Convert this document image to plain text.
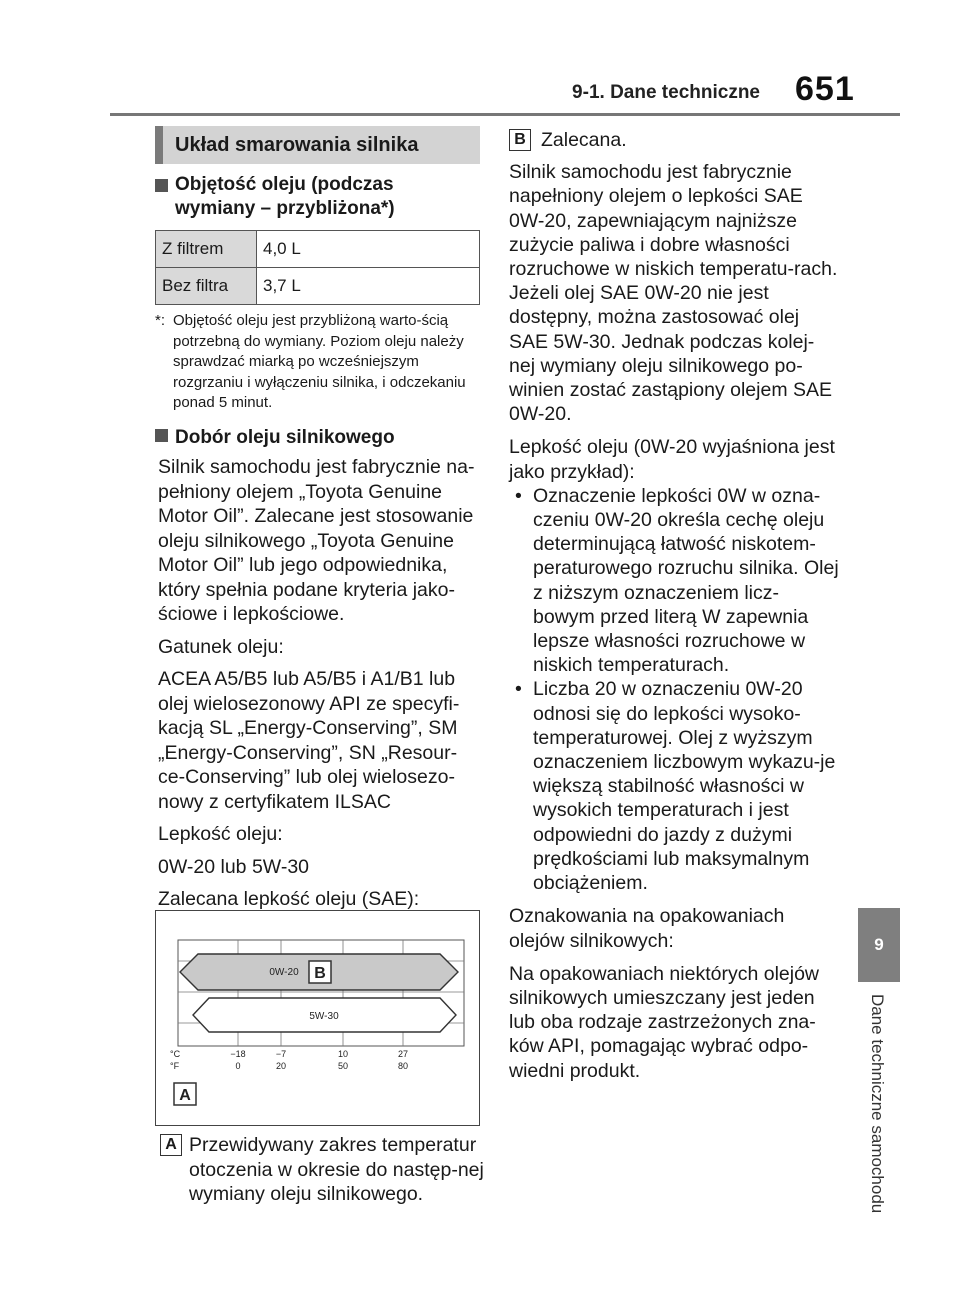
9-1. Dane techniczne 651
9
Dane techniczne samochodu
Układ smarowania silnika
Objętość oleju (podczas wymiany – przybliżona*)
Z filtrem	4,0 L
Bez filtra	3,7 L
*: Objętość oleju jest przybliżoną warto-ścią potrzebną do wymiany. Poziom oleju należy sprawdzać miarką po wcześniejszym rozgrzaniu i wyłączeniu silnika, i odczekaniu ponad 5 minut.
Dobór oleju silnikowego

Silnik samochodu jest fabrycznie na-pełniony olejem „Toyota Genuine Motor Oil”. Zalecane jest stosowanie oleju silnikowego „Toyota Genuine Motor Oil” lub jego odpowiednika, który spełnia podane kryteria jako-ściowe i lepkościowe.

Gatunek oleju:

ACEA A5/B5 lub A5/B5 i A1/B1 lub olej wielosezonowy API ze specyfi-kacją SL „Energy-Conserving”, SM „Energy-Conserving”, SN „Resour-ce-Conserving” lub olej wielosezo-nowy z certyfikatem ILSAC

Lepkość oleju:

0W-20 lub 5W-30

Zalecana lepkość oleju (SAE):

0W-20 B
5W-30
°C
°F
−18	−7	10	27
0	20	50	80
A
A Przewidywany zakres temperatur otoczenia w okresie do następ-nej wymiany oleju silnikowego.
B Zalecana.

Silnik samochodu jest fabrycznie napełniony olejem o lepkości SAE 0W-20, zapewniającym najniższe zużycie paliwa i dobre własności rozruchowe w niskich temperatu-rach. Jeżeli olej SAE 0W-20 nie jest dostępny, można zastosować olej SAE 5W-30. Jednak podczas kolej-nej wymiany oleju silnikowego po-winien zostać zastąpiony olejem SAE 0W-20.

Lepkość oleju (0W-20 wyjaśniona jest jako przykład):

• Oznaczenie lepkości 0W w ozna-czeniu 0W-20 określa cechę oleju determinującą łatwość niskotem-peraturowego rozruchu silnika. Olej z niższym oznaczeniem licz-bowym przed literą W zapewnia lepsze własności rozruchowe w niskich temperaturach.
• Liczba 20 w oznaczeniu 0W-20 odnosi się do lepkości wysoko-temperaturowej. Olej z wyższym oznaczeniem liczbowym wykazu-je większą stabilność własności w wysokich temperaturach i jest odpowiedni do jazdy z dużymi prędkościami lub maksymalnym obciążeniem.

Oznakowania na opakowaniach olejów silnikowych:

Na opakowaniach niektórych olejów silnikowych umieszczany jest jeden lub oba rodzaje zastrzeżonych zna-ków API, pomagając wybrać odpo-wiedni produkt.
